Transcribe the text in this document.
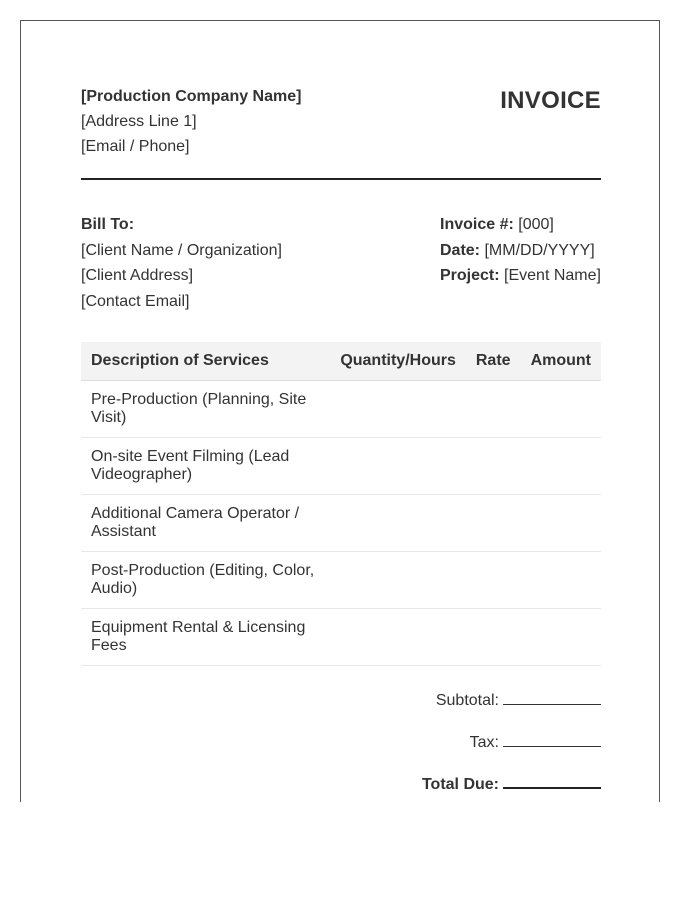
[Production Company Name]
[Address Line 1]
[Email / Phone]
INVOICE
Bill To:
[Client Name / Organization]
[Client Address]
[Contact Email]
Invoice #: [000]
Date: [MM/DD/YYYY]
Project: [Event Name]
Description of Services	Quantity/Hours	Rate	Amount
Pre-Production (Planning, Site Visit)			
On-site Event Filming (Lead Videographer)			
Additional Camera Operator / Assistant			
Post-Production (Editing, Color, Audio)			
Equipment Rental & Licensing Fees			
Subtotal:
Tax:
Total Due:
